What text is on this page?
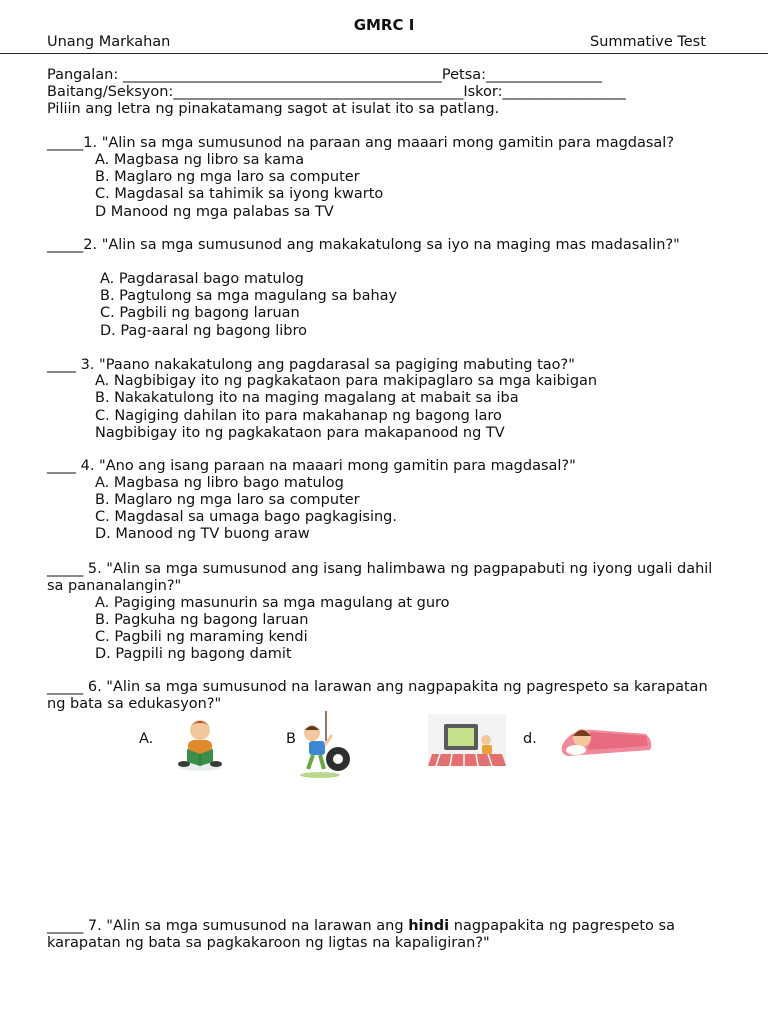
GMRC I
Unang Markahan	Summative Test
Pangalan: ____________________________________________Petsa:________________
Baitang/Seksyon:________________________________________Iskor:_________________
Piliin ang letra ng pinakatamang sagot at isulat ito sa patlang.
_____1. "Alin sa mga sumusunod na paraan ang maaari mong gamitin para magdasal?
A. Magbasa ng libro sa kama
B. Maglaro ng mga laro sa computer
C. Magdasal sa tahimik sa iyong kwarto
D Manood ng mga palabas sa TV
_____2. "Alin sa mga sumusunod ang makakatulong sa iyo na maging mas madasalin?"
A. Pagdarasal bago matulog
B. Pagtulong sa mga magulang sa bahay
C. Pagbili ng bagong laruan
D. Pag-aaral ng bagong libro
____ 3. "Paano nakakatulong ang pagdarasal sa pagiging mabuting tao?"
A. Nagbibigay ito ng pagkakataon para makipaglaro sa mga kaibigan
B. Nakakatulong ito na maging magalang at mabait sa iba
C. Nagiging dahilan ito para makahanap ng bagong laro
Nagbibigay ito ng pagkakataon para makapanood ng TV
____ 4. "Ano ang isang paraan na maaari mong gamitin para magdasal?"
A. Magbasa ng libro bago matulog
B. Maglaro ng mga laro sa computer
C. Magdasal sa umaga bago pagkagising.
D. Manood ng TV buong araw
_____ 5. "Alin sa mga sumusunod ang isang halimbawa ng pagpapabuti ng iyong ugali dahil sa pananalangin?"
A. Pagiging masunurin sa mga magulang at guro
B. Pagkuha ng bagong laruan
C. Pagbili ng maraming kendi
D. Pagpili ng bagong damit
_____ 6. "Alin sa mga sumusunod na larawan ang nagpapakita ng pagrespeto sa karapatan ng bata sa edukasyon?"
A.	B	d.
_____ 7. "Alin sa mga sumusunod na larawan ang hindi nagpapakita ng pagrespeto sa karapatan ng bata sa pagkakaroon ng ligtas na kapaligiran?"
